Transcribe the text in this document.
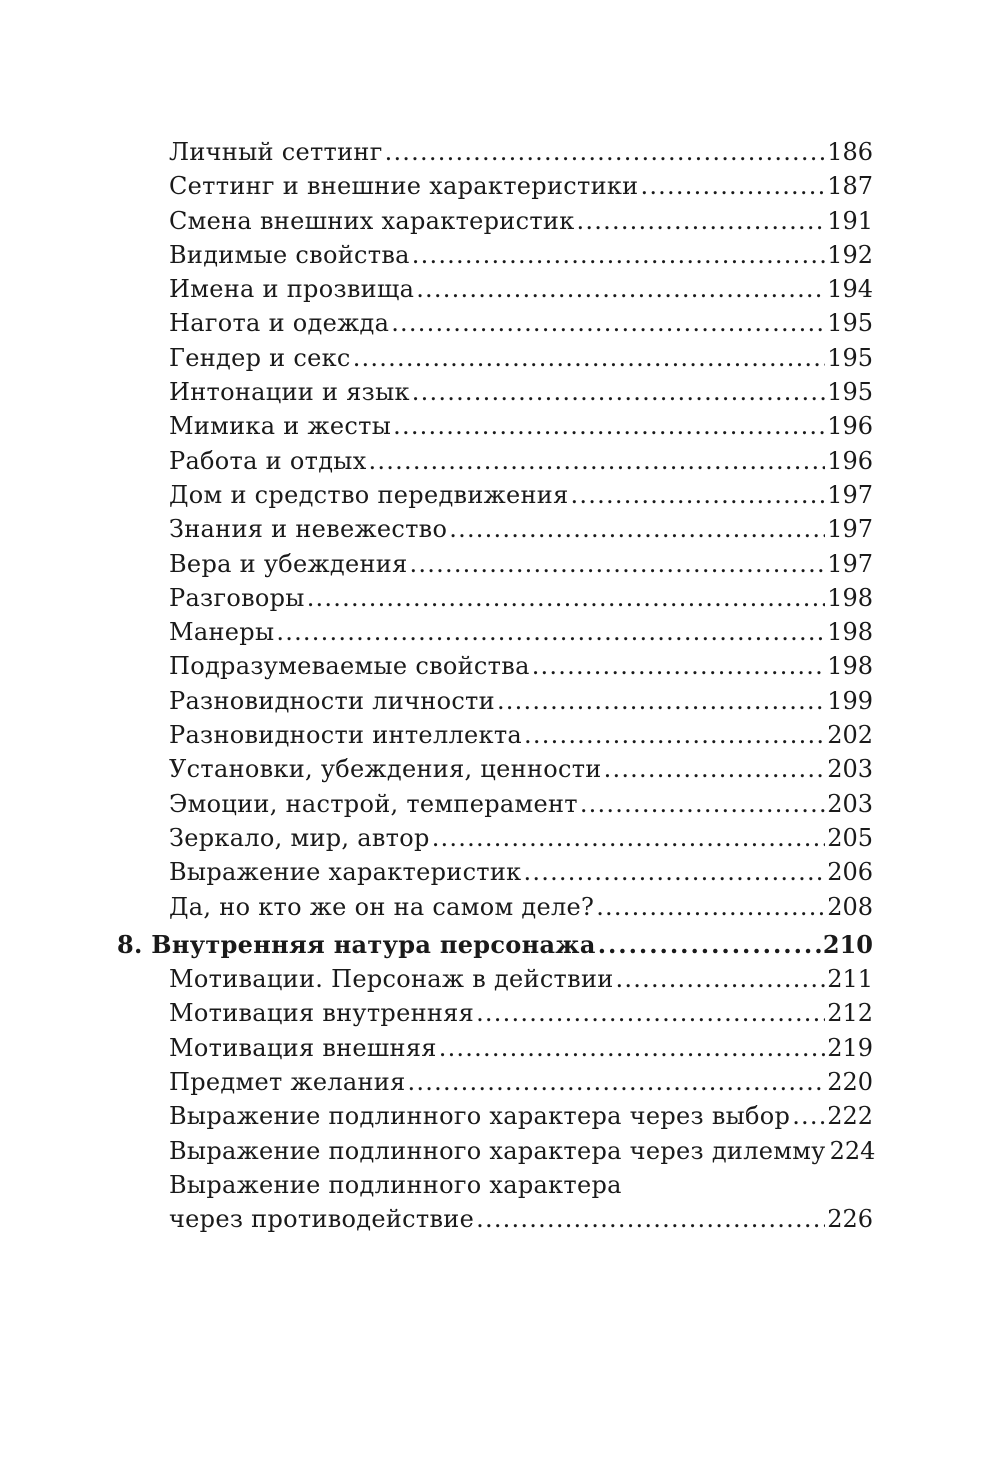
Личный сеттинг . . .	186
Сеттинг и внешние характеристики . . .	187
Смена внешних характеристик . . .	191
Видимые свойства . . .	192
Имена и прозвища . . .	194
Нагота и одежда . . .	195
Гендер и секс . . .	195
Интонации и язык . . .	195
Мимика и жесты . . .	196
Работа и отдых . . .	196
Дом и средство передвижения . . .	197
Знания и невежество . . .	197
Вера и убеждения . . .	197
Разговоры . . .	198
Манеры . . .	198
Подразумеваемые свойства . . .	198
Разновидности личности . . .	199
Разновидности интеллекта . . .	202
Установки, убеждения, ценности . . .	203
Эмоции, настрой, темперамент . . .	203
Зеркало, мир, автор . . .	205
Выражение характеристик . . .	206
Да, но кто же он на самом деле? . . .	208
8. Внутренняя натура персонажа . . .	210
Мотивации. Персонаж в действии . . .	211
Мотивация внутренняя . . .	212
Мотивация внешняя . . .	219
Предмет желания . . .	220
Выражение подлинного характера через выбор . . . 222
Выражение подлинного характера через дилемму 224
Выражение подлинного характера
через противодействие . . .	226
